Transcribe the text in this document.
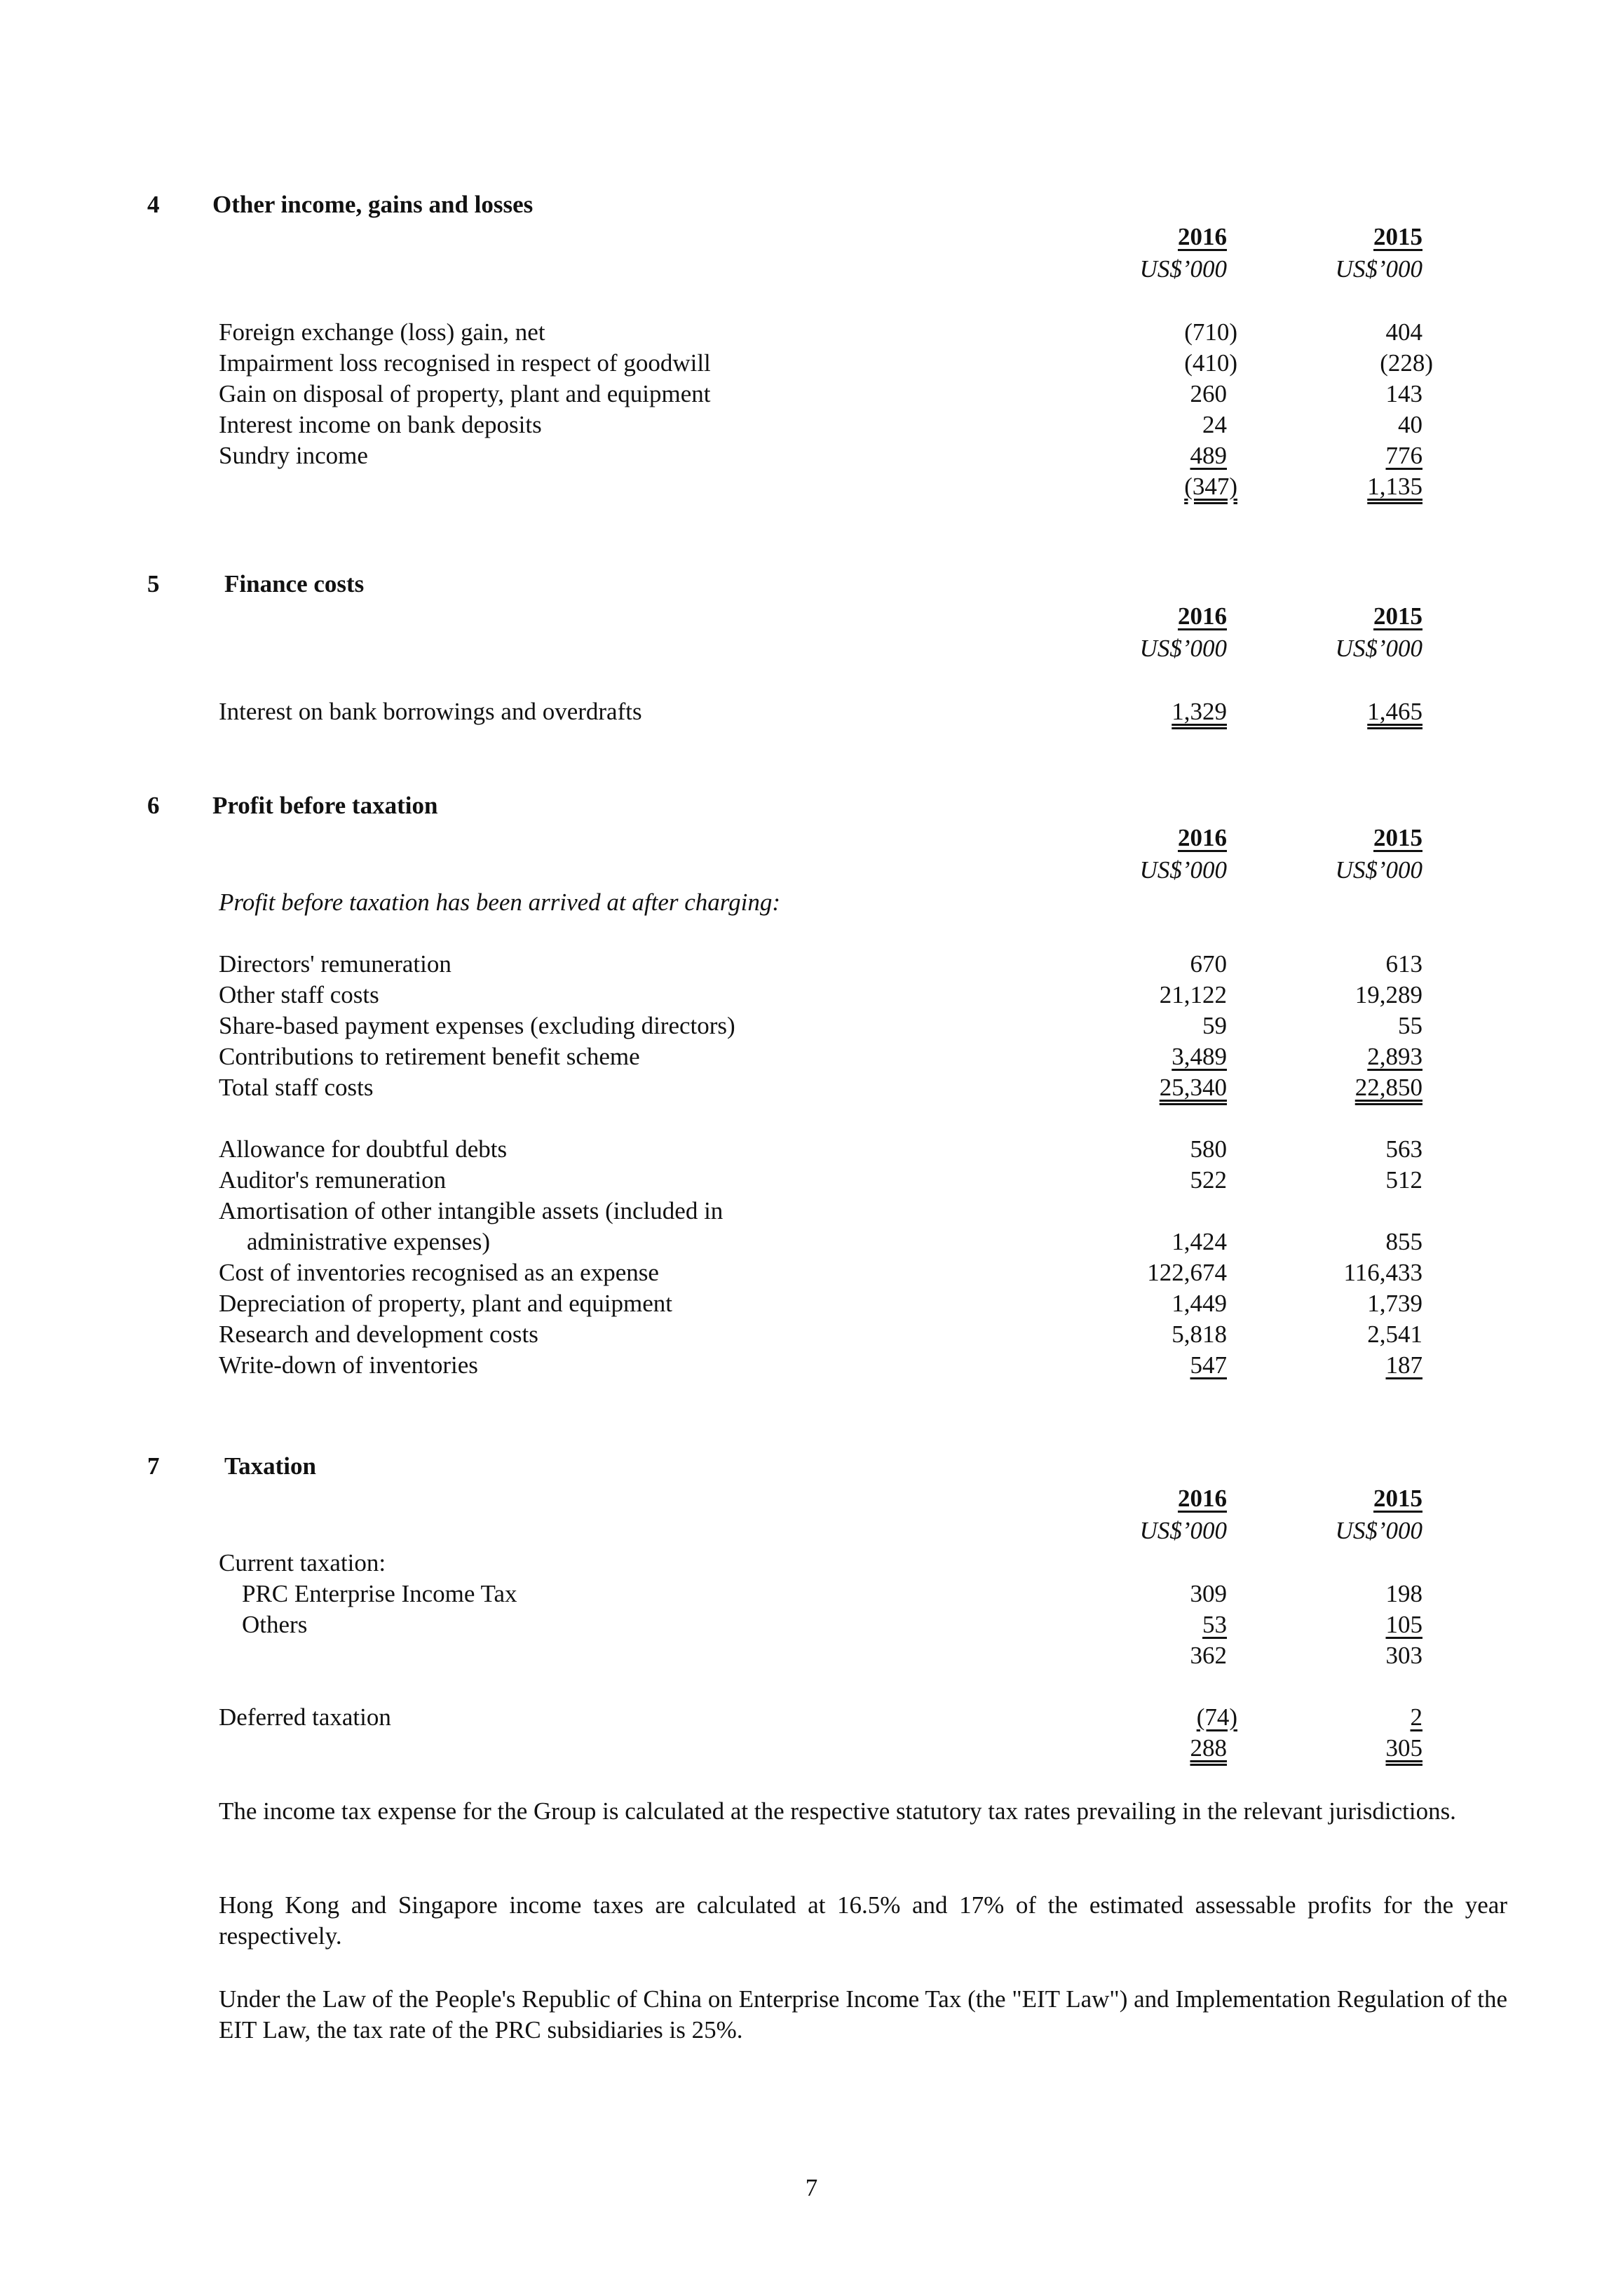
4 Other income, gains and losses
2016	2015
US$’000	US$’000
Foreign exchange (loss) gain, net	(710)	404
Impairment loss recognised in respect of goodwill	(410)	(228)
Gain on disposal of property, plant and equipment	260	143
Interest income on bank deposits	24	40
Sundry income	489	776
(347)	1,135
5	Finance costs
2016	2015
US$’000	US$’000
Interest on bank borrowings and overdrafts	1,329	1,465
6 Profit before taxation
2016	2015
US$’000	US$’000
Profit before taxation has been arrived at after charging:
Directors' remuneration	670	613
Other staff costs	21,122	19,289
Share-based payment expenses (excluding directors)	59	55
Contributions to retirement benefit scheme	3,489	2,893
Total staff costs	25,340	22,850
Allowance for doubtful debts	580	563
Auditor's remuneration	522	512
Amortisation of other intangible assets (included in
administrative expenses)	1,424	855
Cost of inventories recognised as an expense	122,674	116,433
Depreciation of property, plant and equipment	1,449	1,739
Research and development costs	5,818	2,541
Write-down of inventories	547	187
7	Taxation
2016	2015
US$’000	US$’000
Current taxation:
PRC Enterprise Income Tax	309	198
Others	53	105
362	303
Deferred taxation	(74)	2
288	305
The income tax expense for the Group is calculated at the respective statutory tax rates prevailing in the relevant jurisdictions.
Hong Kong and Singapore income taxes are calculated at 16.5% and 17% of the estimated assessable profits for the year respectively.
Under the Law of the People's Republic of China on Enterprise Income Tax (the "EIT Law") and Implementation Regulation of the EIT Law, the tax rate of the PRC subsidiaries is 25%.
7
